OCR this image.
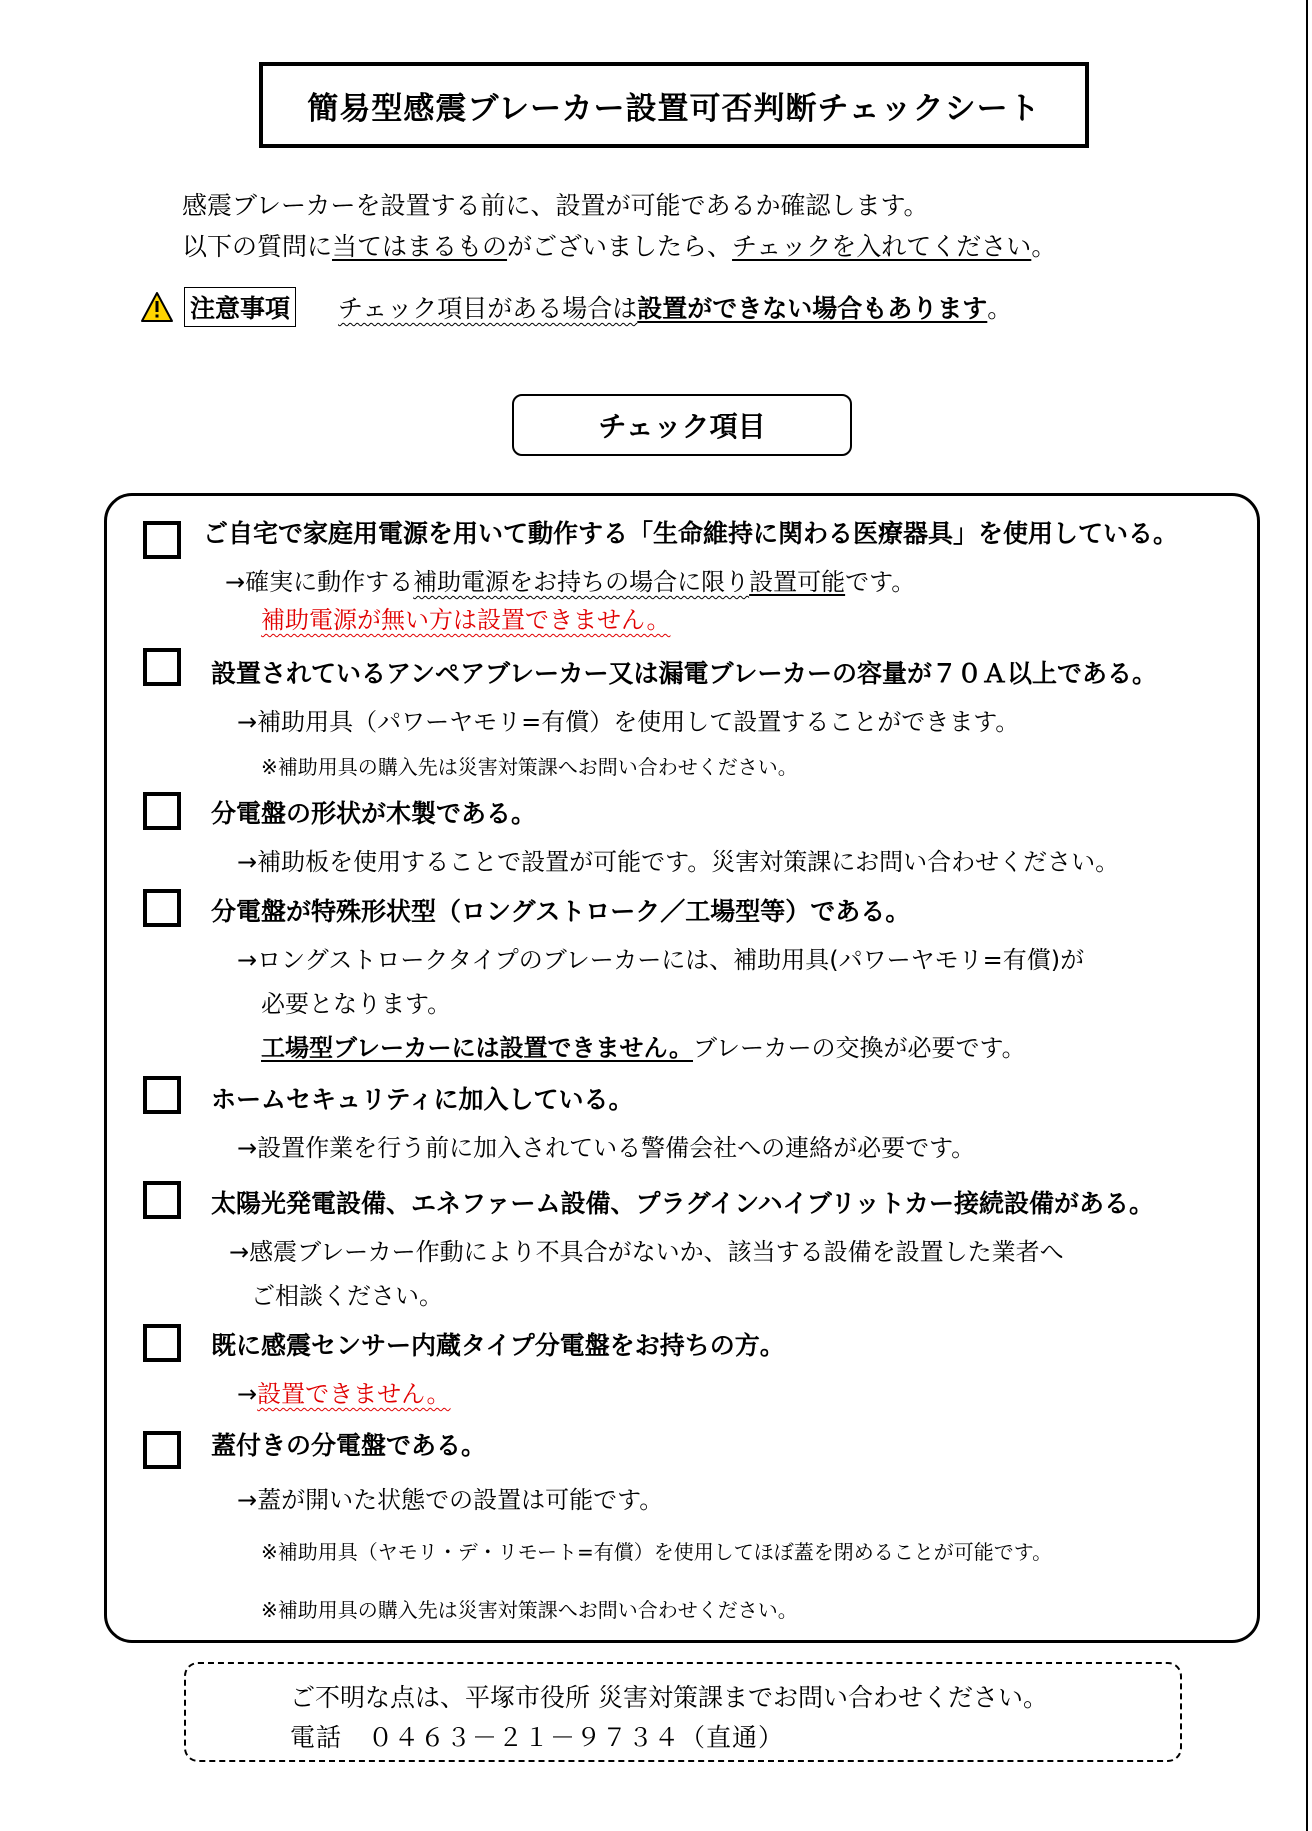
簡易型感震ブレーカー設置可否判断チェックシート
感震ブレーカーを設置する前に、設置が可能であるか確認します。
以下の質問に当てはまるものがございましたら、チェックを入れてください。
注意事項 チェック項目がある場合は設置ができない場合もあります。
チェック項目
ご自宅で家庭用電源を用いて動作する「生命維持に関わる医療器具」を使用している。
→確実に動作する補助電源をお持ちの場合に限り設置可能です。
補助電源が無い方は設置できません。
設置されているアンペアブレーカー又は漏電ブレーカーの容量が７０Ａ以上である。
→補助用具（パワーヤモリ=有償）を使用して設置することができます。
※補助用具の購入先は災害対策課へお問い合わせください。
分電盤の形状が木製である。
→補助板を使用することで設置が可能です。災害対策課にお問い合わせください。
分電盤が特殊形状型（ロングストローク／工場型等）である。
→ロングストロークタイプのブレーカーには、補助用具(パワーヤモリ=有償)が
必要となります。
工場型ブレーカーには設置できません。ブレーカーの交換が必要です。
ホームセキュリティに加入している。
→設置作業を行う前に加入されている警備会社への連絡が必要です。
太陽光発電設備、エネファーム設備、プラグインハイブリットカー接続設備がある。
→感震ブレーカー作動により不具合がないか、該当する設備を設置した業者へ
ご相談ください。
既に感震センサー内蔵タイプ分電盤をお持ちの方。
→設置できません。
蓋付きの分電盤である。
→蓋が開いた状態での設置は可能です。
※補助用具（ヤモリ・デ・リモート=有償）を使用してほぼ蓋を閉めることが可能です。
※補助用具の購入先は災害対策課へお問い合わせください。
ご不明な点は、平塚市役所 災害対策課までお問い合わせください。
電話　０４６３－２１－９７３４（直通）
